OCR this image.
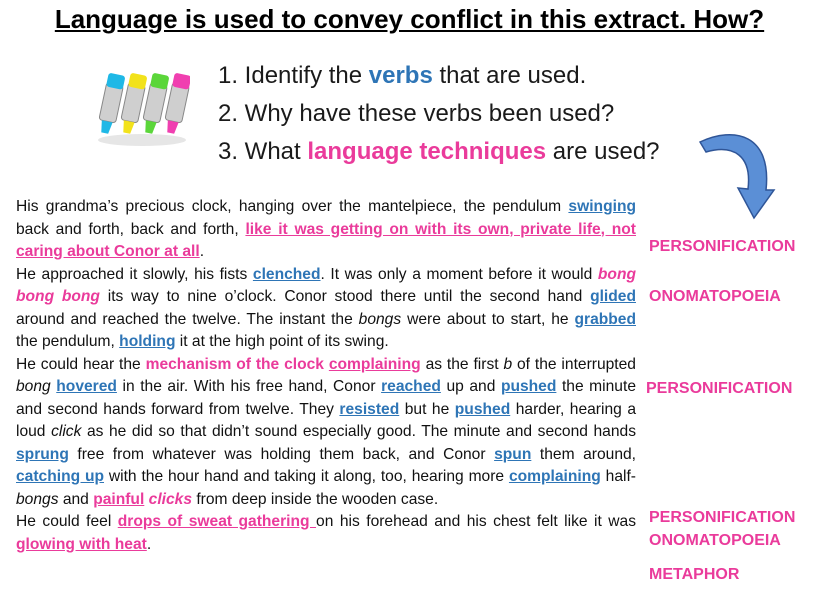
Language is used to convey conflict in this extract. How?
1. Identify the verbs that are used.
2. Why have these verbs been used?
3. What language techniques are used?

His grandma’s precious clock, hanging over the mantelpiece, the pendulum swinging back and forth, back and forth, like it was getting on with its own, private life, not caring about Conor at all.

He approached it slowly, his fists clenched. It was only a moment before it would bong bong bong its way to nine o’clock. Conor stood there until the second hand glided around and reached the twelve. The instant the bongs were about to start, he grabbed the pendulum, holding it at the high point of its swing.

He could hear the mechanism of the clock complaining as the first b of the interrupted bong hovered in the air. With his free hand, Conor reached up and pushed the minute and second hands forward from twelve. They resisted but he pushed harder, hearing a loud click as he did so that didn’t sound especially good. The minute and second hands sprung free from whatever was holding them back, and Conor spun them around, catching up with the hour hand and taking it along, too, hearing more complaining half-bongs and painful clicks from deep inside the wooden case.

He could feel drops of sweat gathering on his forehead and his chest felt like it was glowing with heat.

PERSONIFICATION
ONOMATOPOEIA
PERSONIFICATION
PERSONIFICATION
ONOMATOPOEIA
METAPHOR
